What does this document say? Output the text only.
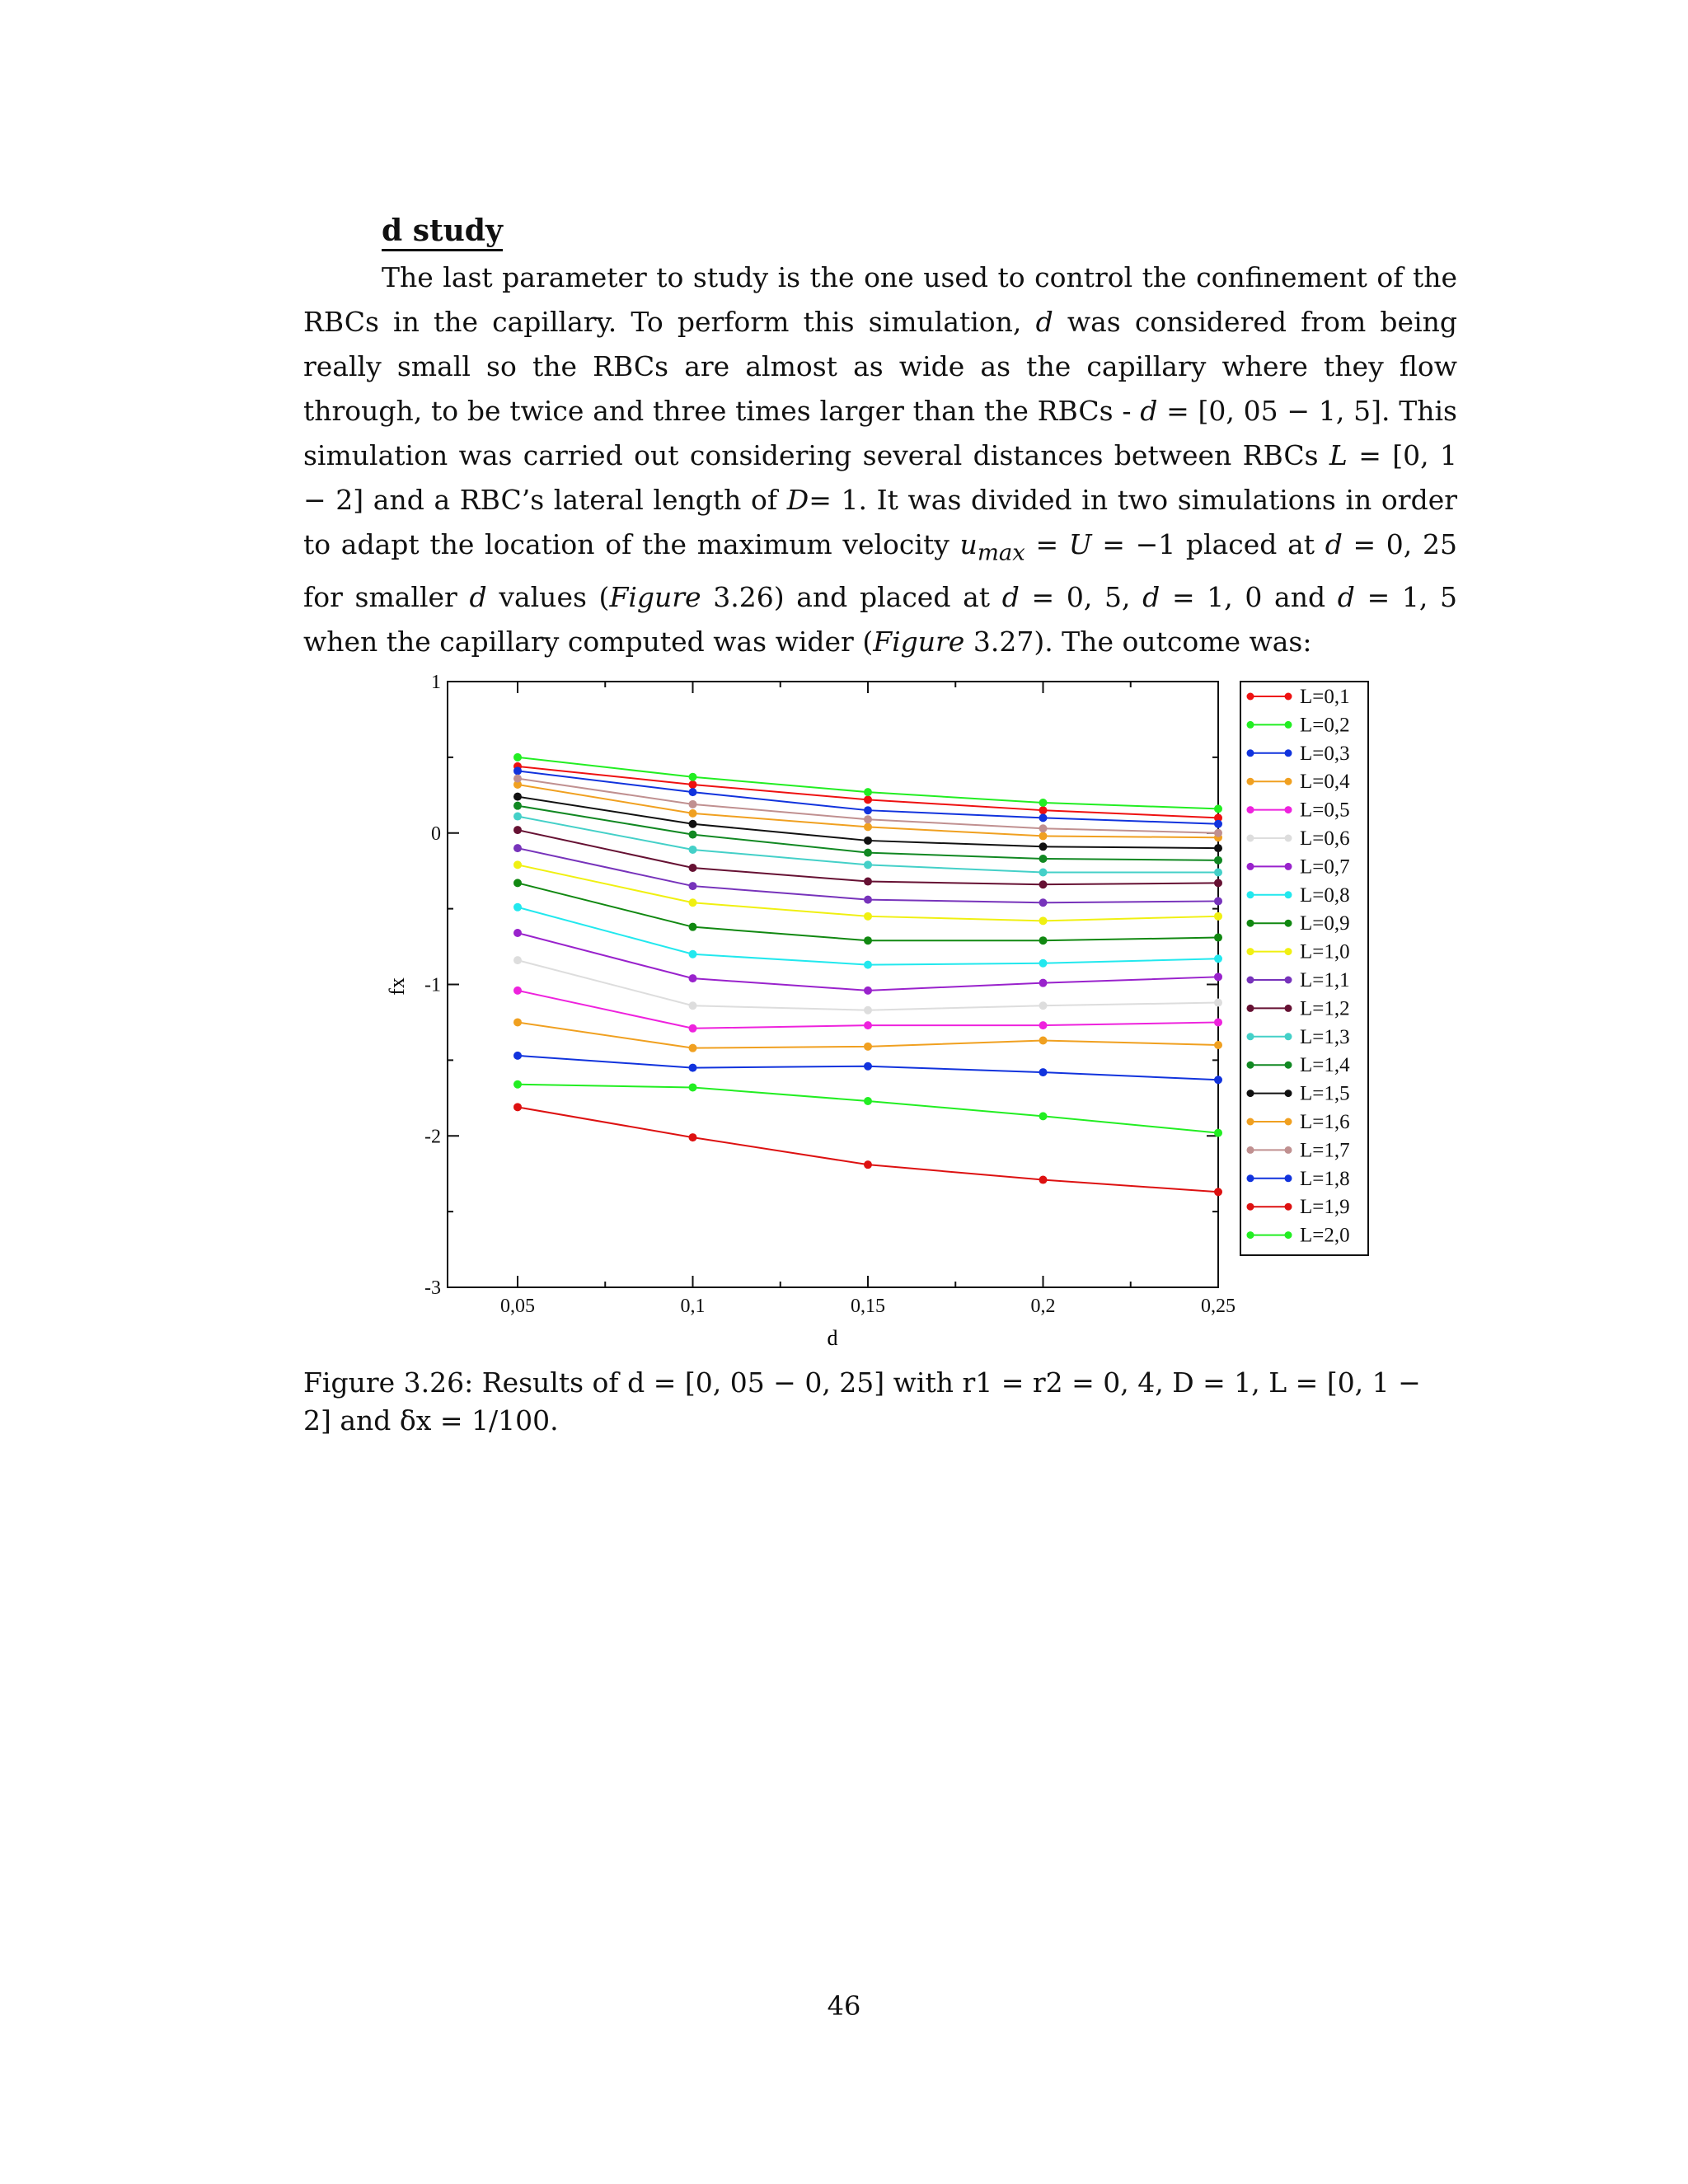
d study
The last parameter to study is the one used to control the confinement of the RBCs in the capillary. To perform this simulation, d was considered from being really small so the RBCs are almost as wide as the capillary where they flow through, to be twice and three times larger than the RBCs - d = [0, 05 − 1, 5]. This simulation was carried out considering several distances between RBCs L = [0, 1 − 2] and a RBC’s lateral length of D= 1. It was divided in two simulations in order to adapt the location of the maximum velocity $u_{max} = U = -1$ placed at d = 0, 25 for smaller d values (Figure 3.26) and placed at d = 0, 5, d = 1, 0 and d = 1, 5 when the capillary computed was wider (Figure 3.27). The outcome was:
0,05	0,1	0,15	0,2	0,25
1
0
-1
-2
-3
L=0,1
L=0,2
L=0,3
L=0,4
L=0,5
L=0,6
L=0,7
L=0,8
L=0,9
L=1,0
L=1,1
L=1,2
L=1,3
L=1,4
L=1,5
L=1,6
L=1,7
L=1,8
L=1,9
L=2,0
d
fx
Figure 3.26: Results of d = [0, 05 − 0, 25] with r1 = r2 = 0, 4, D = 1, L = [0, 1 − 2] and δx = 1/100.
46
